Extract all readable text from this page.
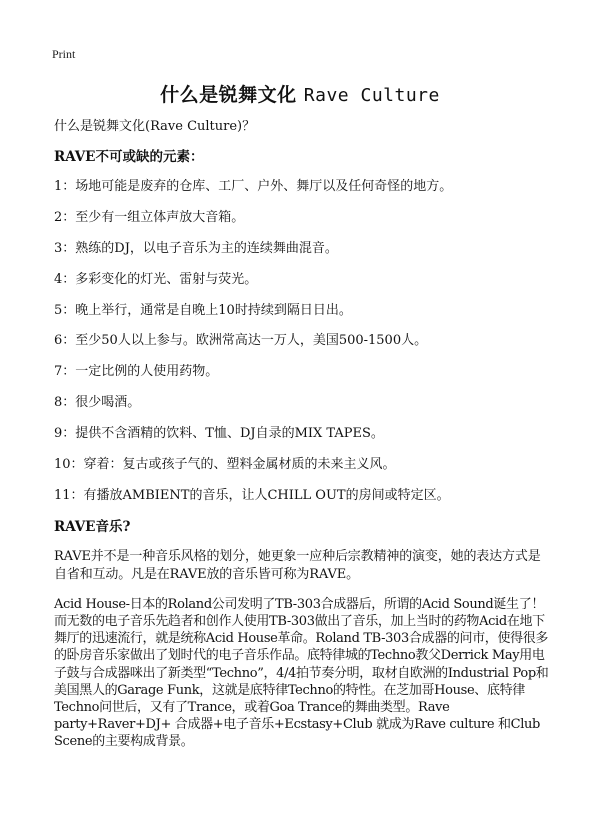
Print
什么是锐舞文化 Rave Culture
什么是锐舞文化(Rave Culture)？
RAVE不可或缺的元素：
1：场地可能是废弃的仓库、工厂、户外、舞厅以及任何奇怪的地方。
2：至少有一组立体声放大音箱。
3：熟练的DJ，以电子音乐为主的连续舞曲混音。
4：多彩变化的灯光、雷射与荧光。
5：晚上举行，通常是自晚上10时持续到隔日日出。
6：至少50人以上参与。欧洲常高达一万人，美国500-1500人。
7：一定比例的人使用药物。
8：很少喝酒。
9：提供不含酒精的饮料、T恤、DJ自录的MIX TAPES。
10：穿着：复古或孩子气的、塑料金属材质的未来主义风。
11：有播放AMBIENT的音乐，让人CHILL OUT的房间或特定区。
RAVE音乐?
RAVE并不是一种音乐风格的划分，她更象一应种后宗教精神的演变，她的表达方式是自省和互动。凡是在RAVE放的音乐皆可称为RAVE。
Acid House-日本的Roland公司发明了TB-303合成器后，所谓的Acid Sound诞生了！而无数的电子音乐先趋者和创作人使用TB-303做出了音乐，加上当时的药物Acid在地下舞厅的迅速流行，就是统称Acid House革命。Roland TB-303合成器的问市，使得很多的卧房音乐家做出了划时代的电子音乐作品。底特律城的Techno教父Derrick May用电子鼓与合成器咪出了新类型“Techno”，4/4拍节奏分明，取材自欧洲的Industrial Pop和美国黑人的Garage Funk，这就是底特律Techno的特性。在芝加哥House、底特律Techno问世后，又有了Trance，或着Goa Trance的舞曲类型。Rave party+Raver+DJ+ 合成器+电子音乐+Ecstasy+Club 就成为Rave culture 和Club Scene的主要构成背景。
